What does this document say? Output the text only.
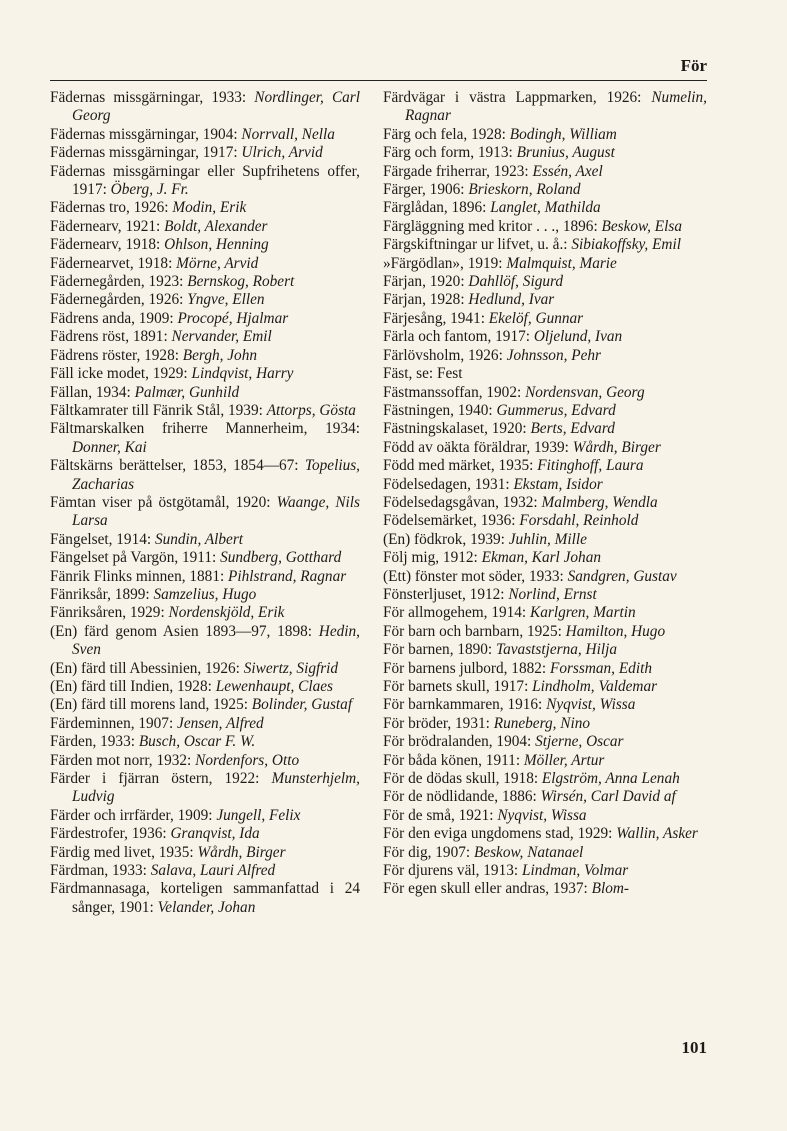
För

Fädernas missgärningar, 1933: Nordlinger, Carl Georg

Fädernas missgärningar, 1904: Norrvall, Nella

Fädernas missgärningar, 1917: Ulrich, Arvid

Fädernas missgärningar eller Supfrihetens offer, 1917: Öberg, J. Fr.

Fädernas tro, 1926: Modin, Erik

Fädernearv, 1921: Boldt, Alexander

Fädernearv, 1918: Ohlson, Henning

Fädernearvet, 1918: Mörne, Arvid

Fädernegården, 1923: Bernskog, Robert

Fädernegården, 1926: Yngve, Ellen

Fädrens anda, 1909: Procopé, Hjalmar

Fädrens röst, 1891: Nervander, Emil

Fädrens röster, 1928: Bergh, John

Fäll icke modet, 1929: Lindqvist, Harry

Fällan, 1934: Palmær, Gunhild

Fältkamrater till Fänrik Stål, 1939: Attorps, Gösta

Fältmarskalken friherre Mannerheim, 1934: Donner, Kai

Fältskärns berättelser, 1853, 1854—67: Topelius, Zacharias

Fämtan viser på östgötamål, 1920: Waange, Nils Larsa

Fängelset, 1914: Sundin, Albert

Fängelset på Vargön, 1911: Sundberg, Gotthard

Fänrik Flinks minnen, 1881: Pihlstrand, Ragnar

Fänriksår, 1899: Samzelius, Hugo

Fänriksåren, 1929: Nordenskjöld, Erik

(En) färd genom Asien 1893—97, 1898: Hedin, Sven

(En) färd till Abessinien, 1926: Siwertz, Sigfrid

(En) färd till Indien, 1928: Lewenhaupt, Claes

(En) färd till morens land, 1925: Bolinder, Gustaf

Färdeminnen, 1907: Jensen, Alfred

Färden, 1933: Busch, Oscar F. W.

Färden mot norr, 1932: Nordenfors, Otto

Färder i fjärran östern, 1922: Munsterhjelm, Ludvig

Färder och irrfärder, 1909: Jungell, Felix

Färdestrofer, 1936: Granqvist, Ida

Färdig med livet, 1935: Wårdh, Birger

Färdman, 1933: Salava, Lauri Alfred

Färdmannasaga, korteligen sammanfattad i 24 sånger, 1901: Velander, Johan

Färdvägar i västra Lappmarken, 1926: Numelin, Ragnar

Färg och fela, 1928: Bodingh, William

Färg och form, 1913: Brunius, August

Färgade friherrar, 1923: Essén, Axel

Färger, 1906: Brieskorn, Roland

Färglådan, 1896: Langlet, Mathilda

Färgläggning med kritor . . ., 1896: Beskow, Elsa

Färgskiftningar ur lifvet, u. å.: Sibiakoffsky, Emil

»Färgödlan», 1919: Malmquist, Marie

Färjan, 1920: Dahllöf, Sigurd

Färjan, 1928: Hedlund, Ivar

Färjesång, 1941: Ekelöf, Gunnar

Färla och fantom, 1917: Oljelund, Ivan

Färlövsholm, 1926: Johnsson, Pehr

Fäst, se: Fest

Fästmanssoffan, 1902: Nordensvan, Georg

Fästningen, 1940: Gummerus, Edvard

Fästningskalaset, 1920: Berts, Edvard

Född av oäkta föräldrar, 1939: Wårdh, Birger

Född med märket, 1935: Fitinghoff, Laura

Födelsedagen, 1931: Ekstam, Isidor

Födelsedagsgåvan, 1932: Malmberg, Wendla

Födelsemärket, 1936: Forsdahl, Reinhold

(En) födkrok, 1939: Juhlin, Mille

Följ mig, 1912: Ekman, Karl Johan

(Ett) fönster mot söder, 1933: Sandgren, Gustav

Fönsterljuset, 1912: Norlind, Ernst

För allmogehem, 1914: Karlgren, Martin

För barn och barnbarn, 1925: Hamilton, Hugo

För barnen, 1890: Tavaststjerna, Hilja

För barnens julbord, 1882: Forssman, Edith

För barnets skull, 1917: Lindholm, Valdemar

För barnkammaren, 1916: Nyqvist, Wissa

För bröder, 1931: Runeberg, Nino

För brödralanden, 1904: Stjerne, Oscar

För båda könen, 1911: Möller, Artur

För de dödas skull, 1918: Elgström, Anna Lenah

För de nödlidande, 1886: Wirsén, Carl David af

För de små, 1921: Nyqvist, Wissa

För den eviga ungdomens stad, 1929: Wallin, Asker

För dig, 1907: Beskow, Natanael

För djurens väl, 1913: Lindman, Volmar

För egen skull eller andras, 1937: Blom-

101
